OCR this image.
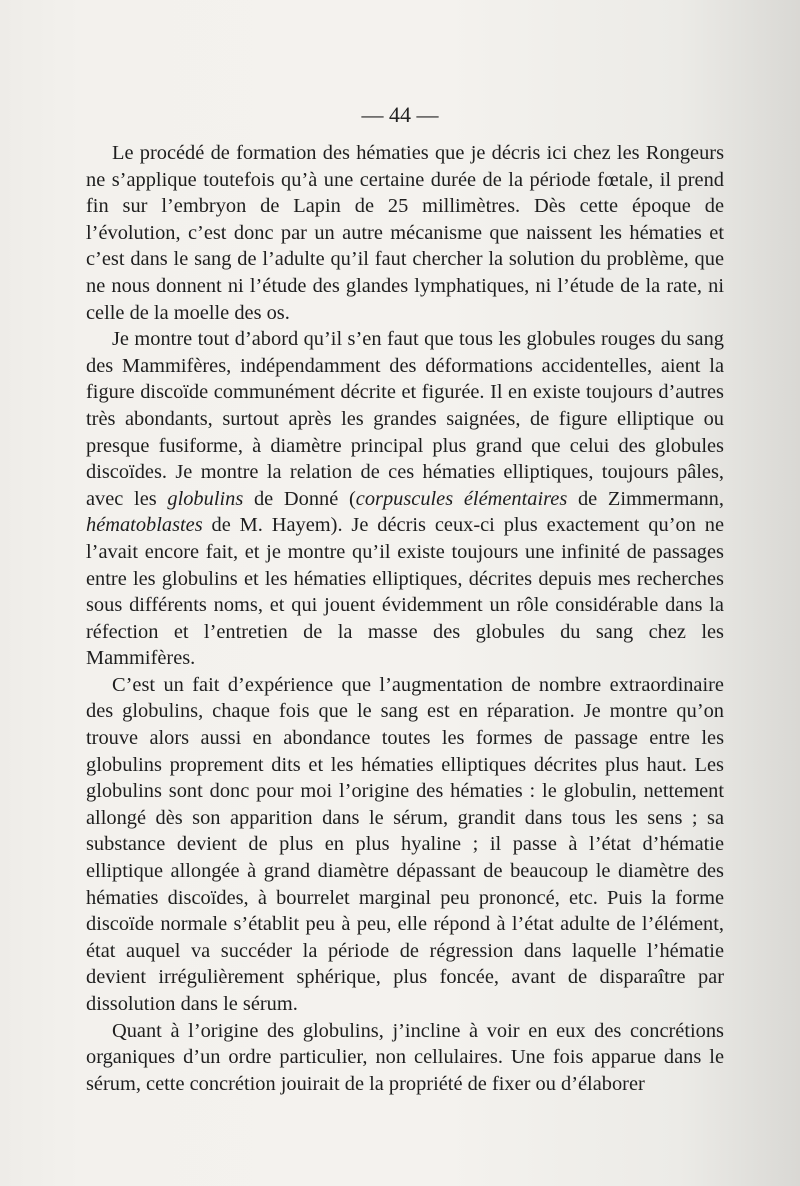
— 44 —

Le procédé de formation des hématies que je décris ici chez les Rongeurs ne s’applique toutefois qu’à une certaine durée de la période fœtale, il prend fin sur l’embryon de Lapin de 25 millimètres. Dès cette époque de l’évolution, c’est donc par un autre mécanisme que naissent les hématies et c’est dans le sang de l’adulte qu’il faut chercher la solution du problème, que ne nous donnent ni l’étude des glandes lymphatiques, ni l’étude de la rate, ni celle de la moelle des os.

Je montre tout d’abord qu’il s’en faut que tous les globules rouges du sang des Mammifères, indépendamment des déformations accidentelles, aient la figure discoïde communément décrite et figurée. Il en existe toujours d’autres très abondants, surtout après les grandes saignées, de figure elliptique ou presque fusiforme, à diamètre principal plus grand que celui des globules discoïdes. Je montre la relation de ces hématies elliptiques, toujours pâles, avec les globulins de Donné (corpuscules élémentaires de Zimmermann, hématoblastes de M. Hayem). Je décris ceux-ci plus exactement qu’on ne l’avait encore fait, et je montre qu’il existe toujours une infinité de passages entre les globulins et les hématies elliptiques, décrites depuis mes recherches sous différents noms, et qui jouent évidemment un rôle considérable dans la réfection et l’entretien de la masse des globules du sang chez les Mammifères.

C’est un fait d’expérience que l’augmentation de nombre extraordinaire des globulins, chaque fois que le sang est en réparation. Je montre qu’on trouve alors aussi en abondance toutes les formes de passage entre les globulins proprement dits et les hématies elliptiques décrites plus haut. Les globulins sont donc pour moi l’origine des hématies : le globulin, nettement allongé dès son apparition dans le sérum, grandit dans tous les sens ; sa substance devient de plus en plus hyaline ; il passe à l’état d’hématie elliptique allongée à grand diamètre dépassant de beaucoup le diamètre des hématies discoïdes, à bourrelet marginal peu prononcé, etc. Puis la forme discoïde normale s’établit peu à peu, elle répond à l’état adulte de l’élément, état auquel va succéder la période de régression dans laquelle l’hématie devient irrégulièrement sphérique, plus foncée, avant de disparaître par dissolution dans le sérum.

Quant à l’origine des globulins, j’incline à voir en eux des concrétions organiques d’un ordre particulier, non cellulaires. Une fois apparue dans le sérum, cette concrétion jouirait de la propriété de fixer ou d’élaborer
